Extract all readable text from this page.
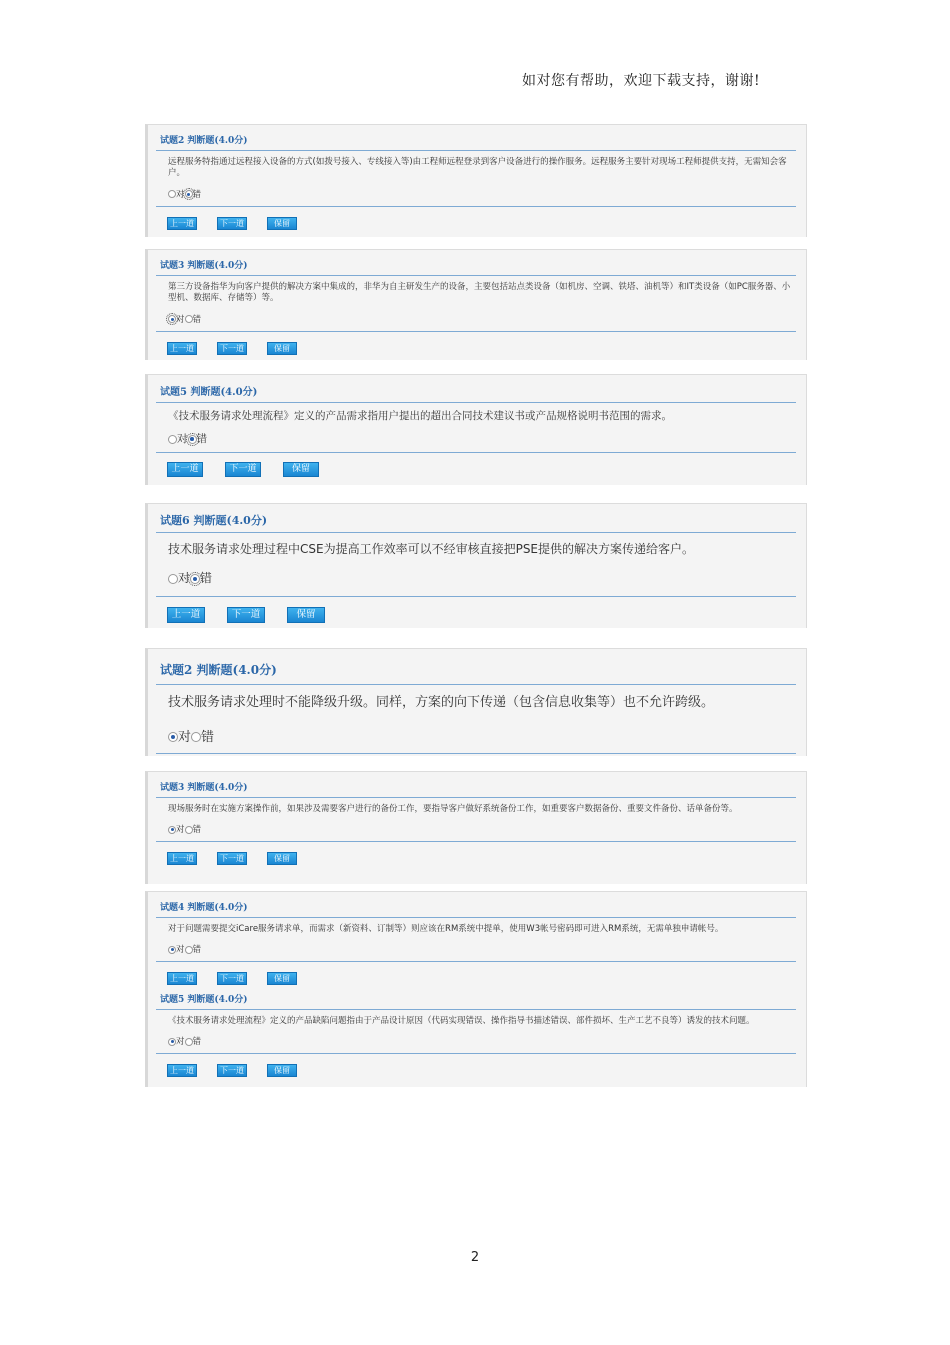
如对您有帮助，欢迎下载支持，谢谢!
试题2 判断题(4.0分)
远程服务特指通过远程接入设备的方式(如拨号接入、专线接入等)由工程师远程登录到客户设备进行的操作服务。远程服务主要针对现场工程师提供支持，无需知会客户。
对 错
上一道	下一道	保留
试题3 判断题(4.0分)
第三方设备指华为向客户提供的解决方案中集成的，非华为自主研发生产的设备，主要包括站点类设备（如机房、空调、铁塔、油机等）和IT类设备（如PC服务器、小型机、数据库、存储等）等。
对 错
上一道	下一道	保留
试题5 判断题(4.0分)
《技术服务请求处理流程》定义的产品需求指用户提出的超出合同技术建议书或产品规格说明书范围的需求。
对 错
上一道	下一道	保留
试题6 判断题(4.0分)
技术服务请求处理过程中CSE为提高工作效率可以不经审核直接把PSE提供的解决方案传递给客户。
对 错
上一道	下一道	保留
试题2 判断题(4.0分)
技术服务请求处理时不能降级升级。同样，方案的向下传递（包含信息收集等）也不允许跨级。
对 错
试题3 判断题(4.0分)
现场服务时在实施方案操作前，如果涉及需要客户进行的备份工作，要指导客户做好系统备份工作，如重要客户数据备份、重要文件备份、话单备份等。
对 错
上一道	下一道	保留
试题4 判断题(4.0分)
对于问题需要提交iCare服务请求单，而需求（新资料、订制等）则应该在RM系统中提单，使用W3帐号密码即可进入RM系统，无需单独申请帐号。
对 错
上一道	下一道	保留
试题5 判断题(4.0分)
《技术服务请求处理流程》定义的产品缺陷问题指由于产品设计原因（代码实现错误、操作指导书描述错误、部件损坏、生产工艺不良等）诱发的技术问题。
对 错
上一道	下一道	保留
2
